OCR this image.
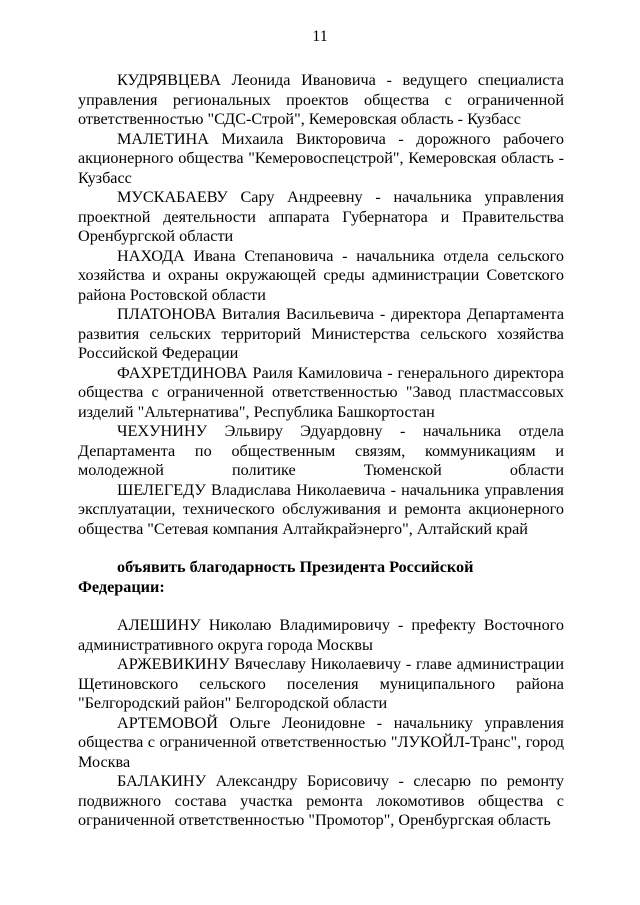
11

КУДРЯВЦЕВА Леонида Ивановича - ведущего специалиста управления региональных проектов общества с ограниченной ответственностью "СДС-Строй", Кемеровская область - Кузбасс

МАЛЕТИНА Михаила Викторовича - дорожного рабочего акционерного общества "Кемеровоспецстрой", Кемеровская область - Кузбасс

МУСКАБАЕВУ Сару Андреевну - начальника управления проектной деятельности аппарата Губернатора и Правительства Оренбургской области

НАХОДА Ивана Степановича - начальника отдела сельского хозяйства и охраны окружающей среды администрации Советского района Ростовской области

ПЛАТОНОВА Виталия Васильевича - директора Департамента развития сельских территорий Министерства сельского хозяйства Российской Федерации

ФАХРЕТДИНОВА Раиля Камиловича - генерального директора общества с ограниченной ответственностью "Завод пластмассовых изделий "Альтернатива", Республика Башкортостан

ЧЕХУНИНУ Эльвиру Эдуардовну - начальника отдела Департамента по общественным связям, коммуникациям и молодежной политике Тюменской области

ШЕЛЕГЕДУ Владислава Николаевича - начальника управления эксплуатации, технического обслуживания и ремонта акционерного общества "Сетевая компания Алтайкрайэнерго", Алтайский край

объявить благодарность Президента Российской Федерации:

АЛЕШИНУ Николаю Владимировичу - префекту Восточного административного округа города Москвы

АРЖЕВИКИНУ Вячеславу Николаевичу - главе администрации Щетиновского сельского поселения муниципального района "Белгородский район" Белгородской области

АРТЕМОВОЙ Ольге Леонидовне - начальнику управления общества с ограниченной ответственностью "ЛУКОЙЛ-Транс", город Москва

БАЛАКИНУ Александру Борисовичу - слесарю по ремонту подвижного состава участка ремонта локомотивов общества с ограниченной ответственностью "Промотор", Оренбургская область
